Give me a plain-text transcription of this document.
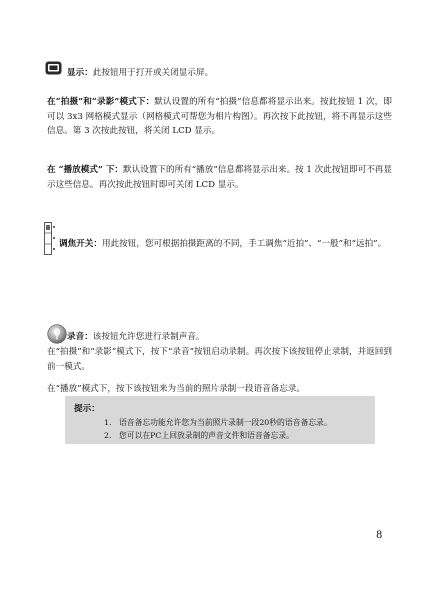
显示：此按钮用于打开或关闭显示屏。
在“拍摄”和“录影”模式下：默认设置的所有“拍摄”信息都将显示出来。按此按钮 1 次，即可以 3x3 网格模式显示（网格模式可帮您为相片构图）。再次按下此按钮，将不再显示这些信息。第 3 次按此按钮，将关闭 LCD 显示。
在 “播放模式” 下：默认设置下的所有“播放”信息都将显示出来。按 1 次此按钮即可不再显示这些信息。再次按此按钮时即可关闭 LCD 显示。
调焦开关：用此按钮，您可根据拍摄距离的不同，手工调焦“近拍”、“一般”和“远拍”。
录音：该按钮允许您进行录制声音。
在“拍摄”和“录影”模式下，按下“录音”按钮启动录制。再次按下该按钮停止录制，并返回到前一模式。
在“播放”模式下，按下该按钮来为当前的照片录制一段语音备忘录。
提示：
1. 语音备忘功能允许您为当前照片录制一段20秒的语音备忘录。
2. 您可以在PC上回放录制的声音文件和语音备忘录。
8
